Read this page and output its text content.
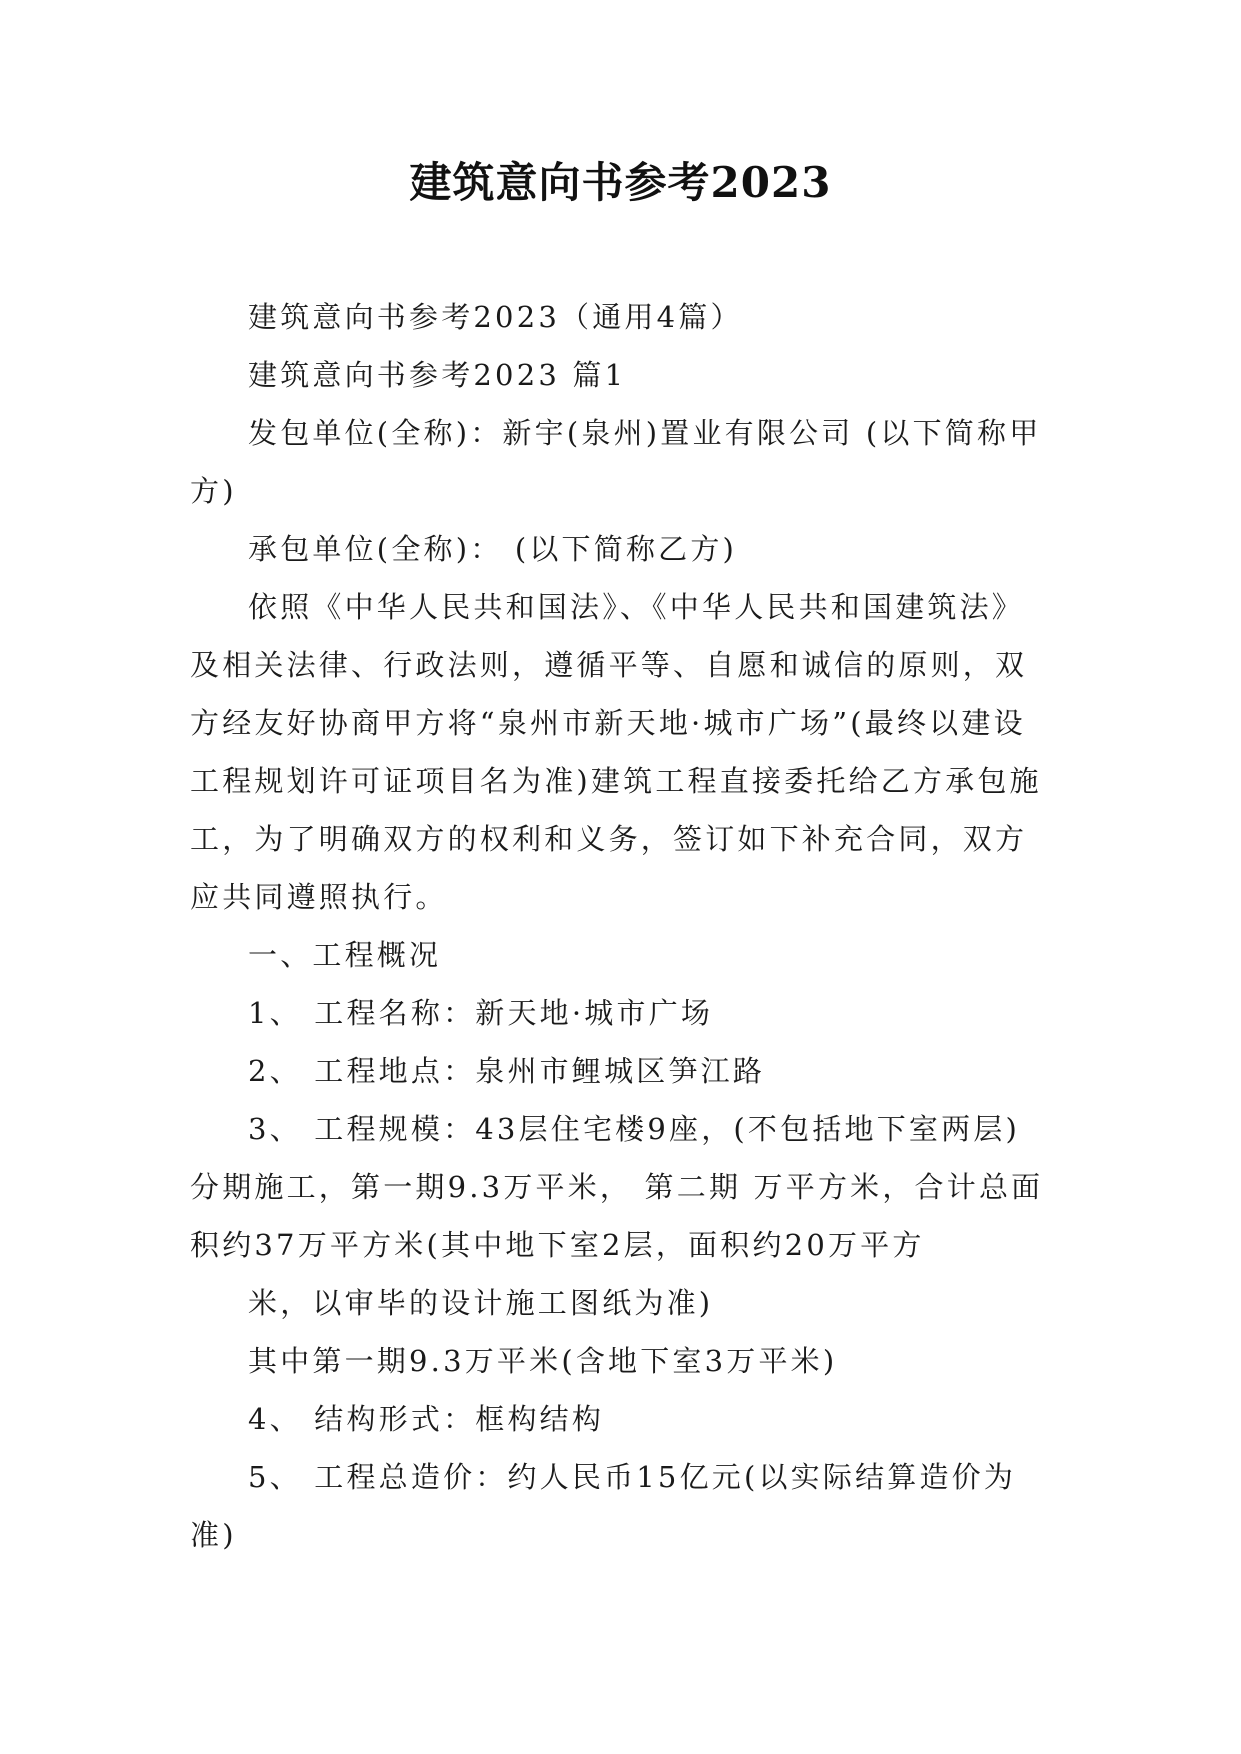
建筑意向书参考2023

建筑意向书参考2023（通用4篇）

建筑意向书参考2023 篇1

发包单位(全称)：新宇(泉州)置业有限公司 (以下简称甲方)

承包单位(全称)： (以下简称乙方)

依照《中华人民共和国法》、《中华人民共和国建筑法》及相关法律、行政法则，遵循平等、自愿和诚信的原则，双方经友好协商甲方将“泉州市新天地·城市广场”(最终以建设工程规划许可证项目名为准)建筑工程直接委托给乙方承包施工，为了明确双方的权利和义务，签订如下补充合同，双方应共同遵照执行。

一、工程概况

1、 工程名称：新天地·城市广场

2、 工程地点：泉州市鲤城区笋江路

3、 工程规模：43层住宅楼9座，(不包括地下室两层)分期施工，第一期9.3万平米， 第二期 万平方米，合计总面积约37万平方米(其中地下室2层，面积约20万平方

米，以审毕的设计施工图纸为准)

其中第一期9.3万平米(含地下室3万平米)

4、 结构形式：框构结构

5、 工程总造价：约人民币15亿元(以实际结算造价为准)
